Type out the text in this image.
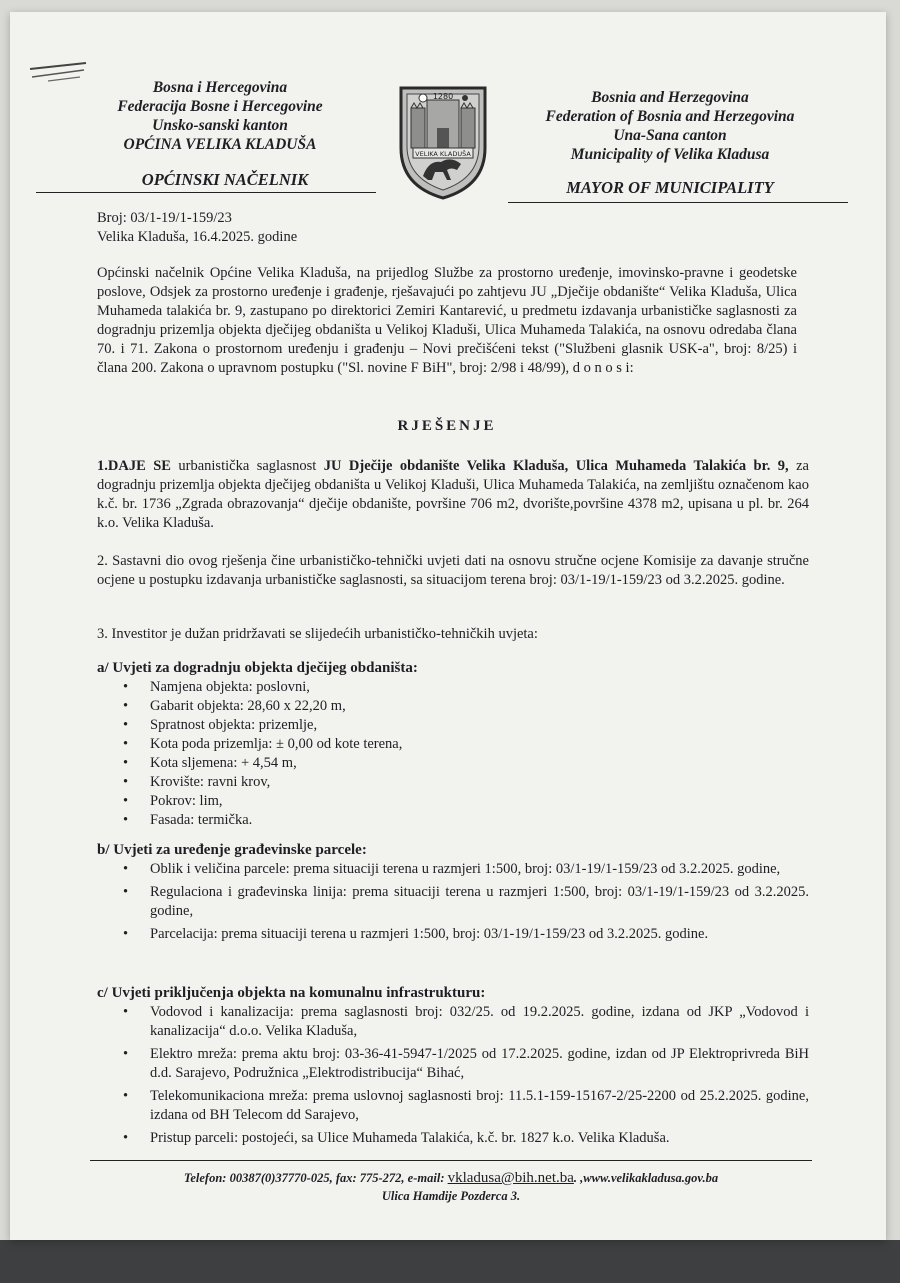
Bosna i Hercegovina
Federacija Bosne i Hercegovine
Unsko-sanski kanton
OPĆINA VELIKA KLADUŠA
OPĆINSKI NAČELNIK
1280
VELIKA KLADUŠA
Bosnia and Herzegovina
Federation of Bosnia and Herzegovina
Una-Sana canton
Municipality of Velika Kladusa
MAYOR OF MUNICIPALITY
Broj: 03/1-19/1-159/23
Velika Kladuša, 16.4.2025. godine

Općinski načelnik Općine Velika Kladuša, na prijedlog Službe za prostorno uređenje, imovinsko-pravne i geodetske poslove, Odsjek za prostorno uređenje i građenje, rješavajući po zahtjevu JU „Dječije obdanište“ Velika Kladuša, Ulica Muhameda talakića br. 9, zastupano po direktorici Zemiri Kantarević, u predmetu izdavanja urbanističke saglasnosti za dogradnju prizemlja objekta dječijeg obdaništa u Velikoj Kladuši, Ulica Muhameda Talakića, na osnovu odredaba člana 70. i 71. Zakona o prostornom uređenju i građenju – Novi prečišćeni tekst ("Službeni glasnik USK-a", broj: 8/25) i člana 200. Zakona o upravnom postupku ("Sl. novine F BiH", broj: 2/98 i 48/99), d o n o s i:

RJEŠENJE

1.DAJE SE urbanistička saglasnost JU Dječije obdanište Velika Kladuša, Ulica Muhameda Talakića br. 9, za dogradnju prizemlja objekta dječijeg obdaništa u Velikoj Kladuši, Ulica Muhameda Talakića, na zemljištu označenom kao k.č. br. 1736 „Zgrada obrazovanja“ dječije obdanište, površine 706 m2, dvorište,površine 4378 m2, upisana u pl. br. 264 k.o. Velika Kladuša.

2. Sastavni dio ovog rješenja čine urbanističko-tehnički uvjeti dati na osnovu stručne ocjene Komisije za davanje stručne ocjene u postupku izdavanja urbanističke saglasnosti, sa situacijom terena broj: 03/1-19/1-159/23 od 3.2.2025. godine.

3. Investitor je dužan pridržavati se slijedećih urbanističko-tehničkih uvjeta:

a/ Uvjeti za dogradnju objekta dječijeg obdaništa:
• Namjena objekta: poslovni,
• Gabarit objekta: 28,60 x 22,20 m,
• Spratnost objekta: prizemlje,
• Kota poda prizemlja: ± 0,00 od kote terena,
• Kota sljemena: + 4,54 m,
• Krovište: ravni krov,
• Pokrov: lim,
• Fasada: termička.
b/ Uvjeti za uređenje građevinske parcele:
• Oblik i veličina parcele: prema situaciji terena u razmjeri 1:500, broj: 03/1-19/1-159/23 od 3.2.2025. godine,
• Regulaciona i građevinska linija: prema situaciji terena u razmjeri 1:500, broj: 03/1-19/1-159/23 od 3.2.2025. godine,
• Parcelacija: prema situaciji terena u razmjeri 1:500, broj: 03/1-19/1-159/23 od 3.2.2025. godine.
c/ Uvjeti priključenja objekta na komunalnu infrastrukturu:
• Vodovod i kanalizacija: prema saglasnosti broj: 032/25. od 19.2.2025. godine, izdana od JKP „Vodovod i kanalizacija“ d.o.o. Velika Kladuša,
• Elektro mreža: prema aktu broj: 03-36-41-5947-1/2025 od 17.2.2025. godine, izdan od JP Elektroprivreda BiH d.d. Sarajevo, Podružnica „Elektrodistribucija“ Bihać,
• Telekomunikaciona mreža: prema uslovnoj saglasnosti broj: 11.5.1-159-15167-2/25-2200 od 25.2.2025. godine, izdana od BH Telecom dd Sarajevo,
• Pristup parceli: postojeći, sa Ulice Muhameda Talakića, k.č. br. 1827 k.o. Velika Kladuša.
Telefon: 00387(0)37770-025, fax: 775-272, e-mail: vkladusa@bih.net.ba. ,www.velikakladusa.gov.ba
Ulica Hamdije Pozderca 3.
